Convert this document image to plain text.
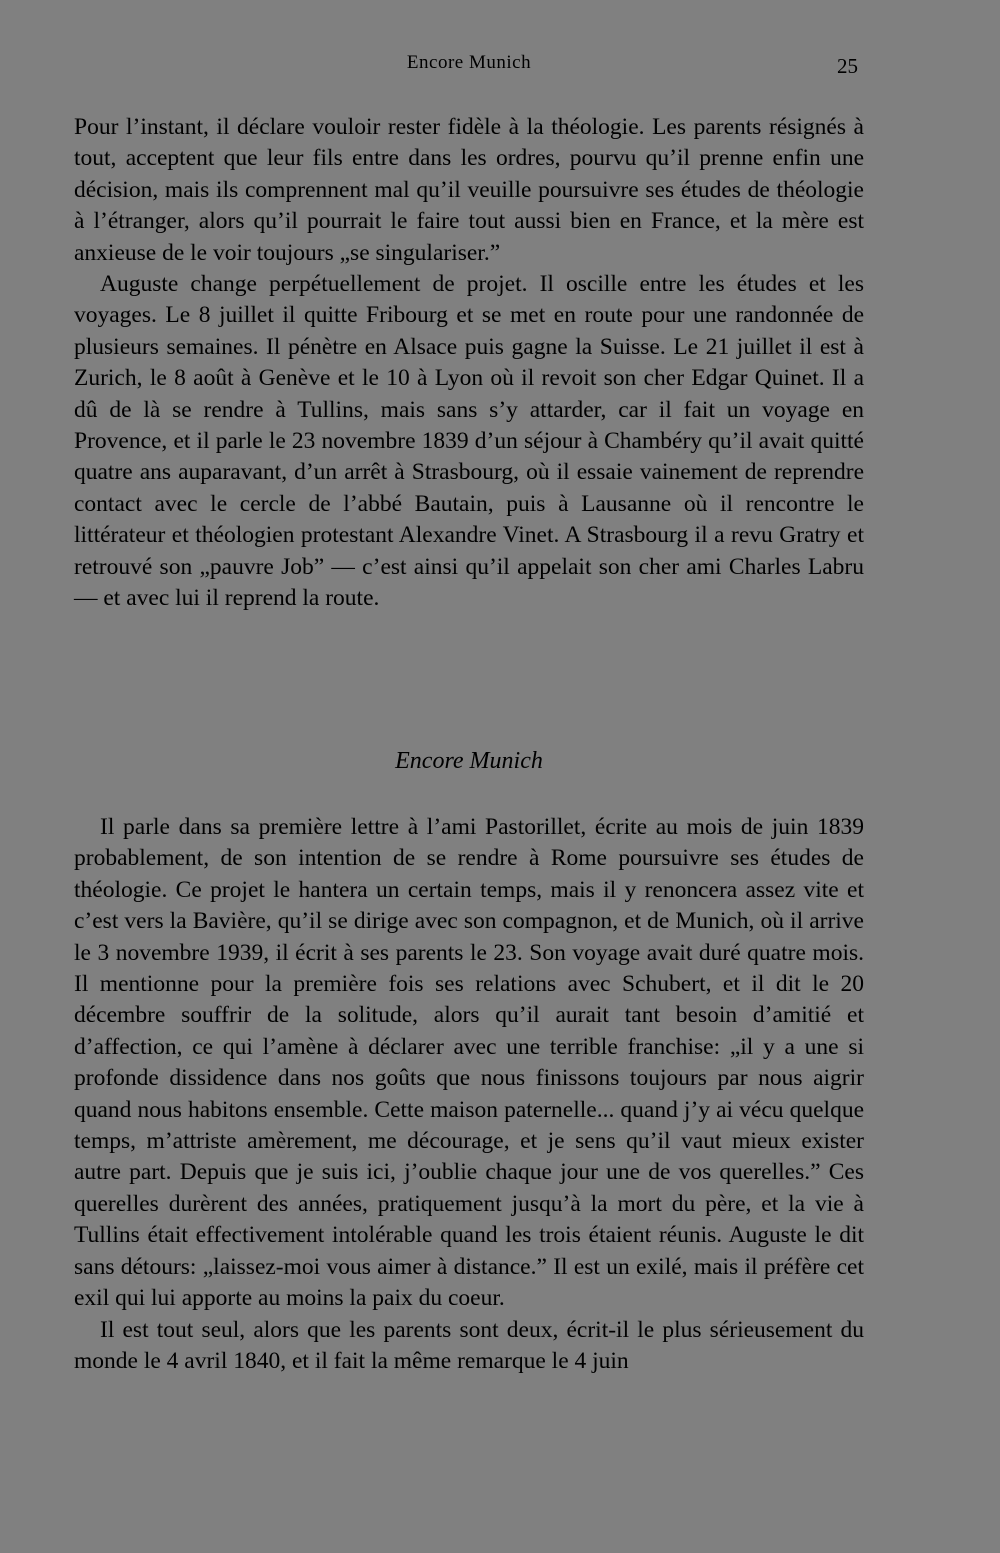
Encore Munich	25

Pour l’instant, il déclare vouloir rester fidèle à la théologie. Les parents résignés à tout, acceptent que leur fils entre dans les ordres, pourvu qu’il prenne enfin une décision, mais ils comprennent mal qu’il veuille poursuivre ses études de théologie à l’étranger, alors qu’il pourrait le faire tout aussi bien en France, et la mère est anxieuse de le voir toujours „se singulariser.”

Auguste change perpétuellement de projet. Il oscille entre les études et les voyages. Le 8 juillet il quitte Fribourg et se met en route pour une randonnée de plusieurs semaines. Il pénètre en Alsace puis gagne la Suisse. Le 21 juillet il est à Zurich, le 8 août à Genève et le 10 à Lyon où il revoit son cher Edgar Quinet. Il a dû de là se rendre à Tullins, mais sans s’y attarder, car il fait un voyage en Provence, et il parle le 23 novembre 1839 d’un séjour à Chambéry qu’il avait quitté quatre ans auparavant, d’un arrêt à Strasbourg, où il essaie vainement de reprendre contact avec le cercle de l’abbé Bautain, puis à Lausanne où il rencontre le littérateur et théologien protestant Alexandre Vinet. A Strasbourg il a revu Gratry et retrouvé son „pauvre Job” — c’est ainsi qu’il appelait son cher ami Charles Labru — et avec lui il reprend la route.

Encore Munich

Il parle dans sa première lettre à l’ami Pastorillet, écrite au mois de juin 1839 probablement, de son intention de se rendre à Rome poursuivre ses études de théologie. Ce projet le hantera un certain temps, mais il y renoncera assez vite et c’est vers la Bavière, qu’il se dirige avec son compagnon, et de Munich, où il arrive le 3 novembre 1939, il écrit à ses parents le 23. Son voyage avait duré quatre mois. Il mentionne pour la première fois ses relations avec Schubert, et il dit le 20 décembre souffrir de la solitude, alors qu’il aurait tant besoin d’amitié et d’affection, ce qui l’amène à déclarer avec une terrible franchise: „il y a une si profonde dissidence dans nos goûts que nous finissons toujours par nous aigrir quand nous habitons ensemble. Cette maison paternelle... quand j’y ai vécu quelque temps, m’attriste amèrement, me décourage, et je sens qu’il vaut mieux exister autre part. Depuis que je suis ici, j’oublie chaque jour une de vos querelles.” Ces querelles durèrent des années, pratiquement jusqu’à la mort du père, et la vie à Tullins était effectivement intolérable quand les trois étaient réunis. Auguste le dit sans détours: „laissez-moi vous aimer à distance.” Il est un exilé, mais il préfère cet exil qui lui apporte au moins la paix du coeur.

Il est tout seul, alors que les parents sont deux, écrit-il le plus sérieusement du monde le 4 avril 1840, et il fait la même remarque le 4 juin
